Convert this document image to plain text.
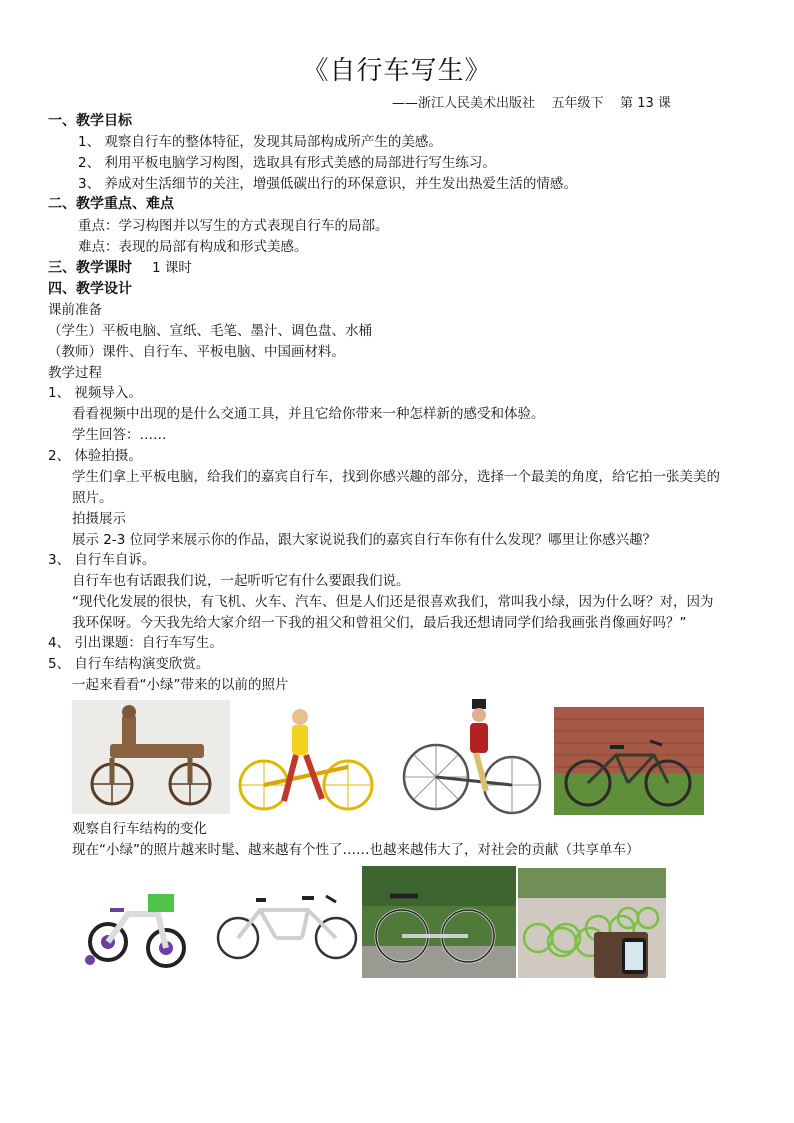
《自行车写生》
——浙江人民美术出版社    五年级下    第 13 课
一、教学目标
1、 观察自行车的整体特征，发现其局部构成所产生的美感。
2、 利用平板电脑学习构图，选取具有形式美感的局部进行写生练习。
3、 养成对生活细节的关注，增强低碳出行的环保意识，并生发出热爱生活的情感。
二、教学重点、难点
重点：学习构图并以写生的方式表现自行车的局部。
难点：表现的局部有构成和形式美感。
三、教学课时 1 课时
四、教学设计
课前准备
（学生）平板电脑、宣纸、毛笔、墨汁、调色盘、水桶
（教师）课件、自行车、平板电脑、中国画材料。
教学过程
1、 视频导入。
看看视频中出现的是什么交通工具，并且它给你带来一种怎样新的感受和体验。
学生回答：……
2、 体验拍摄。
学生们拿上平板电脑，给我们的嘉宾自行车，找到你感兴趣的部分，选择一个最美的角度，给它拍一张美美的
照片。
拍摄展示
展示 2-3 位同学来展示你的作品，跟大家说说我们的嘉宾自行车你有什么发现？哪里让你感兴趣？
3、 自行车自诉。
自行车也有话跟我们说，一起听听它有什么要跟我们说。
“现代化发展的很快，有飞机、火车、汽车、但是人们还是很喜欢我们，常叫我小绿，因为什么呀？对，因为
我环保呀。今天我先给大家介绍一下我的祖父和曾祖父们，最后我还想请同学们给我画张肖像画好吗？”
4、 引出课题：自行车写生。
5、 自行车结构演变欣赏。
一起来看看“小绿”带来的以前的照片
观察自行车结构的变化
现在“小绿”的照片越来时髦、越来越有个性了……也越来越伟大了，对社会的贡献（共享单车）
